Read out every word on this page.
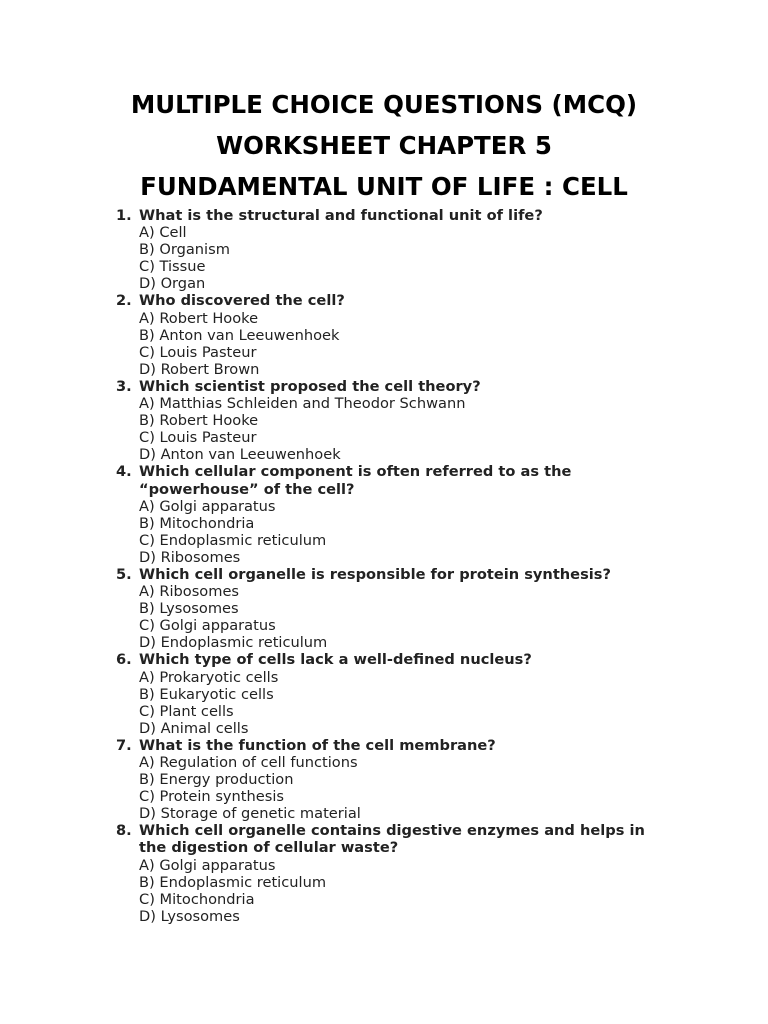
MULTIPLE CHOICE QUESTIONS (MCQ)
WORKSHEET CHAPTER 5
FUNDAMENTAL UNIT OF LIFE : CELL
1. What is the structural and functional unit of life?
A) Cell
B) Organism
C) Tissue
D) Organ
2. Who discovered the cell?
A) Robert Hooke
B) Anton van Leeuwenhoek
C) Louis Pasteur
D) Robert Brown
3. Which scientist proposed the cell theory?
A) Matthias Schleiden and Theodor Schwann
B) Robert Hooke
C) Louis Pasteur
D) Anton van Leeuwenhoek
4. Which cellular component is often referred to as the “powerhouse” of the cell?
A) Golgi apparatus
B) Mitochondria
C) Endoplasmic reticulum
D) Ribosomes
5. Which cell organelle is responsible for protein synthesis?
A) Ribosomes
B) Lysosomes
C) Golgi apparatus
D) Endoplasmic reticulum
6. Which type of cells lack a well-defined nucleus?
A) Prokaryotic cells
B) Eukaryotic cells
C) Plant cells
D) Animal cells
7. What is the function of the cell membrane?
A) Regulation of cell functions
B) Energy production
C) Protein synthesis
D) Storage of genetic material
8. Which cell organelle contains digestive enzymes and helps in the digestion of cellular waste?
A) Golgi apparatus
B) Endoplasmic reticulum
C) Mitochondria
D) Lysosomes
